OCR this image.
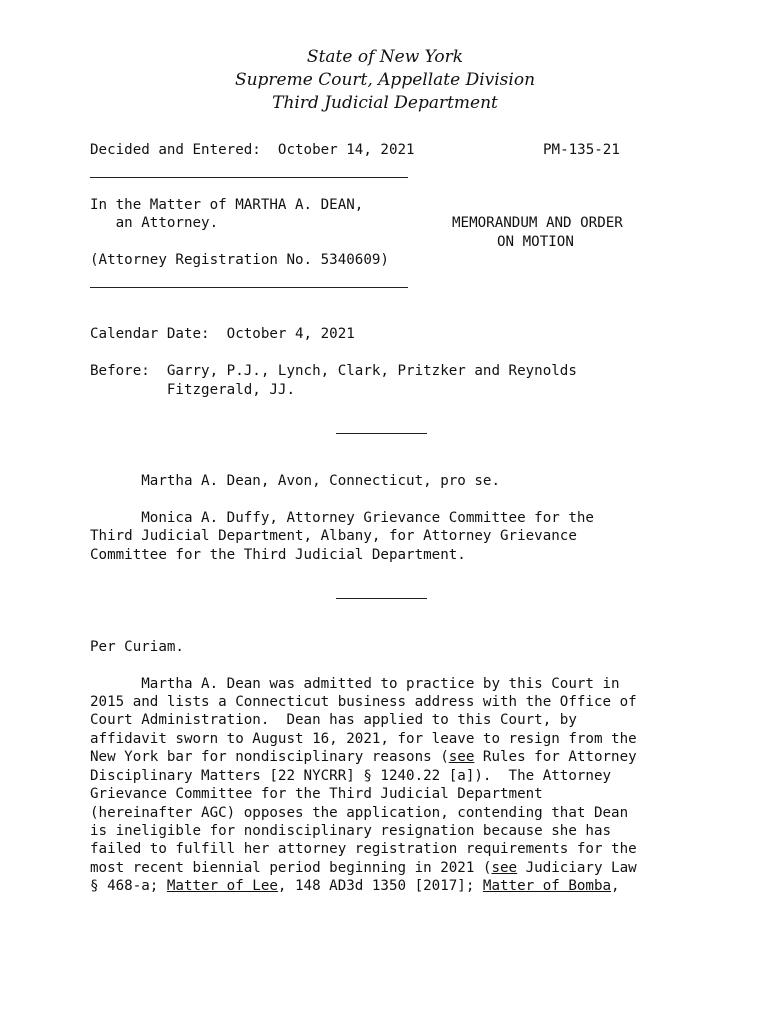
State of New York
Supreme Court, Appellate Division
Third Judicial Department
Decided and Entered:  October 14, 2021	PM-135-21
In the Matter of MARTHA A. DEAN,
an Attorney.	MEMORANDUM AND ORDER
ON MOTION
(Attorney Registration No. 5340609)
Calendar Date:  October 4, 2021
Before:  Garry, P.J., Lynch, Clark, Pritzker and Reynolds
Fitzgerald, JJ.
Martha A. Dean, Avon, Connecticut, pro se.
Monica A. Duffy, Attorney Grievance Committee for the
Third Judicial Department, Albany, for Attorney Grievance
Committee for the Third Judicial Department.
Per Curiam.
Martha A. Dean was admitted to practice by this Court in
2015 and lists a Connecticut business address with the Office of
Court Administration.  Dean has applied to this Court, by
affidavit sworn to August 16, 2021, for leave to resign from the
New York bar for nondisciplinary reasons (see Rules for Attorney
Disciplinary Matters [22 NYCRR] § 1240.22 [a]).  The Attorney
Grievance Committee for the Third Judicial Department
(hereinafter AGC) opposes the application, contending that Dean
is ineligible for nondisciplinary resignation because she has
failed to fulfill her attorney registration requirements for the
most recent biennial period beginning in 2021 (see Judiciary Law
§ 468-a; Matter of Lee, 148 AD3d 1350 [2017]; Matter of Bomba,
